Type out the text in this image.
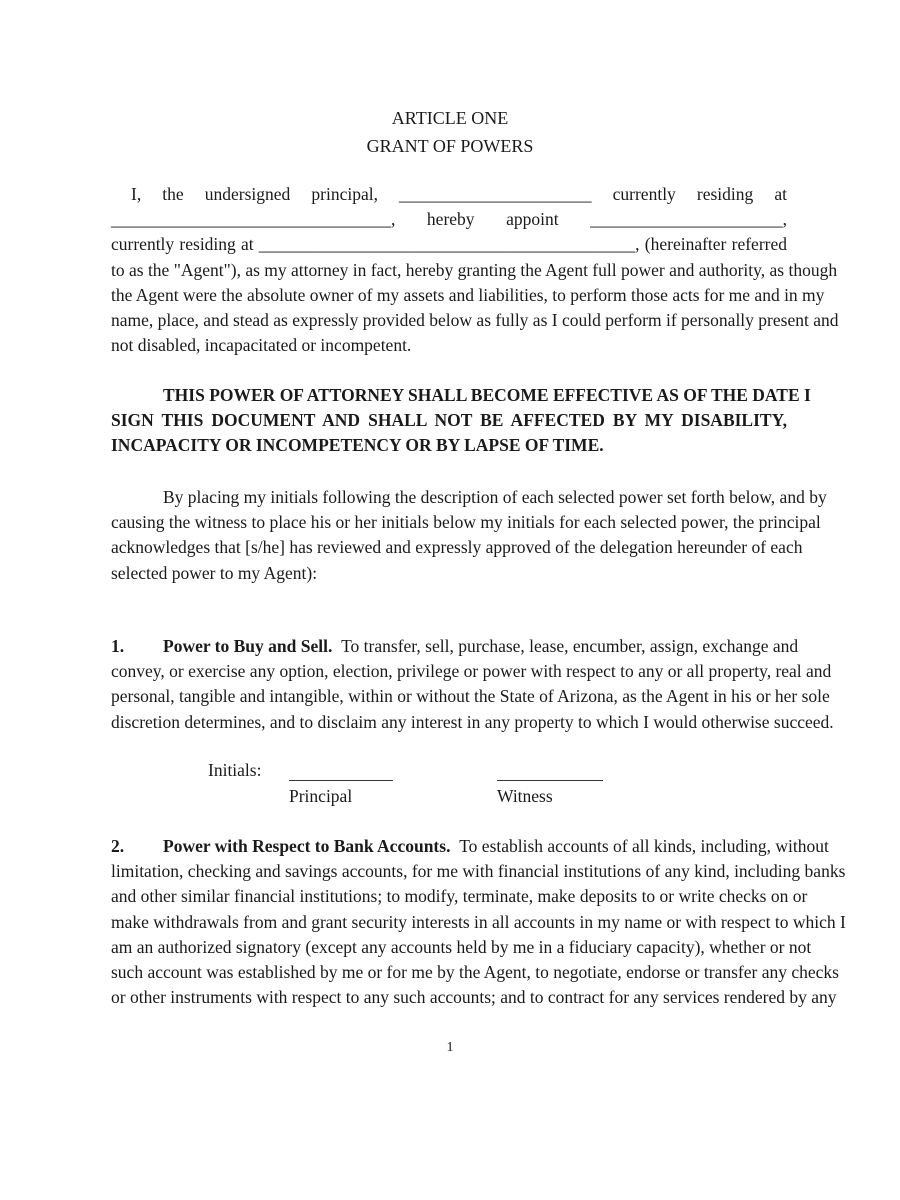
ARTICLE ONE
GRANT OF POWERS
I, the undersigned principal, ______________________ currently residing at
________________________________, hereby appoint ______________________,
currently residing at ___________________________________________, (hereinafter referred
to as the "Agent"), as my attorney in fact, hereby granting the Agent full power and authority, as though
the Agent were the absolute owner of my assets and liabilities, to perform those acts for me and in my
name, place, and stead as expressly provided below as fully as I could perform if personally present and
not disabled, incapacitated or incompetent.
THIS POWER OF ATTORNEY SHALL BECOME EFFECTIVE AS OF THE DATE I
SIGN THIS DOCUMENT AND SHALL NOT BE AFFECTED BY MY DISABILITY,
INCAPACITY OR INCOMPETENCY OR BY LAPSE OF TIME.
By placing my initials following the description of each selected power set forth below, and by
causing the witness to place his or her initials below my initials for each selected power, the principal
acknowledges that [s/he] has reviewed and expressly approved of the delegation hereunder of each
selected power to my Agent):
1. Power to Buy and Sell. To transfer, sell, purchase, lease, encumber, assign, exchange and
convey, or exercise any option, election, privilege or power with respect to any or all property, real and
personal, tangible and intangible, within or without the State of Arizona, as the Agent in his or her sole
discretion determines, and to disclaim any interest in any property to which I would otherwise succeed.
Initials:
Principal	Witness
2. Power with Respect to Bank Accounts. To establish accounts of all kinds, including, without
limitation, checking and savings accounts, for me with financial institutions of any kind, including banks
and other similar financial institutions; to modify, terminate, make deposits to or write checks on or
make withdrawals from and grant security interests in all accounts in my name or with respect to which I
am an authorized signatory (except any accounts held by me in a fiduciary capacity), whether or not
such account was established by me or for me by the Agent, to negotiate, endorse or transfer any checks
or other instruments with respect to any such accounts; and to contract for any services rendered by any
1
